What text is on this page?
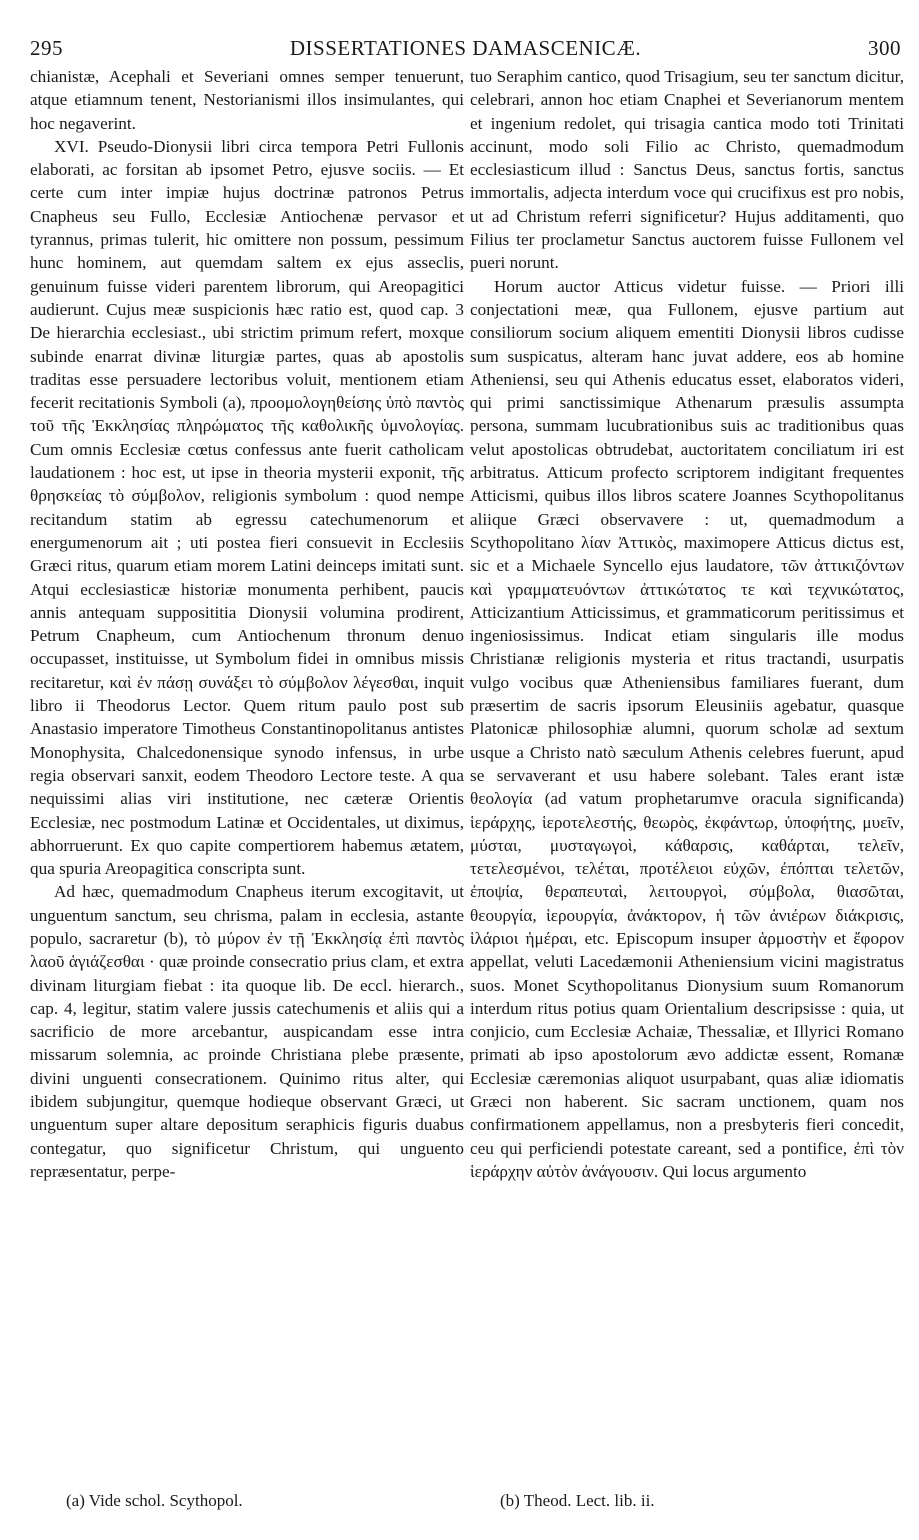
295	DISSERTATIONES DAMASCENICÆ.	300

chianistæ, Acephali et Severiani omnes semper tenuerunt, atque etiamnum tenent, Nestorianismi illos insimulantes, qui hoc negaverint.

XVI. Pseudo-Dionysii libri circa tempora Petri Fullonis elaborati, ac forsitan ab ipsomet Petro, ejusve sociis. — Et certe cum inter impiæ hujus doctrinæ patronos Petrus Cnapheus seu Fullo, Ecclesiæ Antiochenæ pervasor et tyrannus, primas tulerit, hic omittere non possum, pessimum hunc hominem, aut quemdam saltem ex ejus asseclis, genuinum fuisse videri parentem librorum, qui Areopagitici audierunt. Cujus meæ suspicionis hæc ratio est, quod cap. 3 De hierarchia ecclesiast., ubi strictim primum refert, moxque subinde enarrat divinæ liturgiæ partes, quas ab apostolis traditas esse persuadere lectoribus voluit, mentionem etiam fecerit recitationis Symboli (a), προομολογηθείσης ὑπὸ παντὸς τοῦ τῆς Ἐκκλησίας πληρώματος τῆς καθολικῆς ὑμνολογίας. Cum omnis Ecclesiæ cœtus confessus ante fuerit catholicam laudationem : hoc est, ut ipse in theoria mysterii exponit, τῆς θρησκείας τὸ σύμβολον, religionis symbolum : quod nempe recitandum statim ab egressu catechumenorum et energumenorum ait ; uti postea fieri consuevit in Ecclesiis Græci ritus, quarum etiam morem Latini deinceps imitati sunt. Atqui ecclesiasticæ historiæ monumenta perhibent, paucis annis antequam supposititia Dionysii volumina prodirent, Petrum Cnapheum, cum Antiochenum thronum denuo occupasset, instituisse, ut Symbolum fidei in omnibus missis recitaretur, καὶ ἐν πάσῃ συνάξει τὸ σύμβολον λέγεσθαι, inquit libro ii Theodorus Lector. Quem ritum paulo post sub Anastasio imperatore Timotheus Constantinopolitanus antistes Monophysita, Chalcedonensique synodo infensus, in urbe regia observari sanxit, eodem Theodoro Lectore teste. A qua nequissimi alias viri institutione, nec cæteræ Orientis Ecclesiæ, nec postmodum Latinæ et Occidentales, ut diximus, abhorruerunt. Ex quo capite compertiorem habemus ætatem, qua spuria Areopagitica conscripta sunt.

Ad hæc, quemadmodum Cnapheus iterum excogitavit, ut unguentum sanctum, seu chrisma, palam in ecclesia, astante populo, sacraretur (b), τὸ μύρον ἐν τῇ Ἐκκλησίᾳ ἐπὶ παντὸς λαοῦ ἁγιάζεσθαι · quæ proinde consecratio prius clam, et extra divinam liturgiam fiebat : ita quoque lib. De eccl. hierarch., cap. 4, legitur, statim valere jussis catechumenis et aliis qui a sacrificio de more arcebantur, auspicandam esse intra missarum solemnia, ac proinde Christiana plebe præsente, divini unguenti consecrationem. Quinimo ritus alter, qui ibidem subjungitur, quemque hodieque observant Græci, ut unguentum super altare depositum seraphicis figuris duabus contegatur, quo significetur Christum, qui unguento repræsentatur, perpe-

tuo Seraphim cantico, quod Trisagium, seu ter sanctum dicitur, celebrari, annon hoc etiam Cnaphei et Severianorum mentem et ingenium redolet, qui trisagia cantica modo toti Trinitati accinunt, modo soli Filio ac Christo, quemadmodum ecclesiasticum illud : Sanctus Deus, sanctus fortis, sanctus immortalis, adjecta interdum voce qui crucifixus est pro nobis, ut ad Christum referri significetur? Hujus additamenti, quo Filius ter proclametur Sanctus auctorem fuisse Fullonem vel pueri norunt.

Horum auctor Atticus videtur fuisse. — Priori illi conjectationi meæ, qua Fullonem, ejusve partium aut consiliorum socium aliquem ementiti Dionysii libros cudisse sum suspicatus, alteram hanc juvat addere, eos ab homine Atheniensi, seu qui Athenis educatus esset, elaboratos videri, qui primi sanctissimique Athenarum præsulis assumpta persona, summam lucubrationibus suis ac traditionibus quas velut apostolicas obtrudebat, auctoritatem conciliatum iri est arbitratus. Atticum profecto scriptorem indigitant frequentes Atticismi, quibus illos libros scatere Joannes Scythopolitanus aliique Græci observavere : ut, quemadmodum a Scythopolitano λίαν Ἀττικὸς, maximopere Atticus dictus est, sic et a Michaele Syncello ejus laudatore, τῶν ἀττικιζόντων καὶ γραμματευόντων ἀττικώτατος τε καὶ τεχνικώτατος, Atticizantium Atticissimus, et grammaticorum peritissimus et ingeniosissimus. Indicat etiam singularis ille modus Christianæ religionis mysteria et ritus tractandi, usurpatis vulgo vocibus quæ Atheniensibus familiares fuerant, dum præsertim de sacris ipsorum Eleusiniis agebatur, quasque Platonicæ philosophiæ alumni, quorum scholæ ad sextum usque a Christo natò sæculum Athenis celebres fuerunt, apud se servaverant et usu habere solebant. Tales erant istæ θεολογία (ad vatum prophetarumve oracula significanda) ἱεράρχης, ἱεροτελεστής, θεωρὸς, ἐκφάντωρ, ὑποφήτης, μυεῖν, μύσται, μυσταγωγοὶ, κάθαρσις, καθάρται, τελεῖν, τετελεσμένοι, τελέται, προτέλειοι εὐχῶν, ἐπόπται τελετῶν, ἐποψία, θεραπευταὶ, λειτουργοὶ, σύμβολα, θιασῶται, θεουργία, ἱερουργία, ἀνάκτορον, ἡ τῶν ἀνιέρων διάκρισις, ἱλάριοι ἡμέραι, etc. Episcopum insuper ἁρμοστὴν et ἔφορον appellat, veluti Lacedæmonii Atheniensium vicini magistratus suos. Monet Scythopolitanus Dionysium suum Romanorum interdum ritus potius quam Orientalium descripsisse : quia, ut conjicio, cum Ecclesiæ Achaiæ, Thessaliæ, et Illyrici Romano primati ab ipso apostolorum ævo addictæ essent, Romanæ Ecclesiæ cæremonias aliquot usurpabant, quas aliæ idiomatis Græci non haberent. Sic sacram unctionem, quam nos confirmationem appellamus, non a presbyteris fieri concedit, ceu qui perficiendi potestate careant, sed a pontifice, ἐπὶ τὸν ἱεράρχην αὐτὸν ἀνάγουσιν. Qui locus argumento

(a) Vide schol. Scythopol.	(b) Theod. Lect. lib. ii.
